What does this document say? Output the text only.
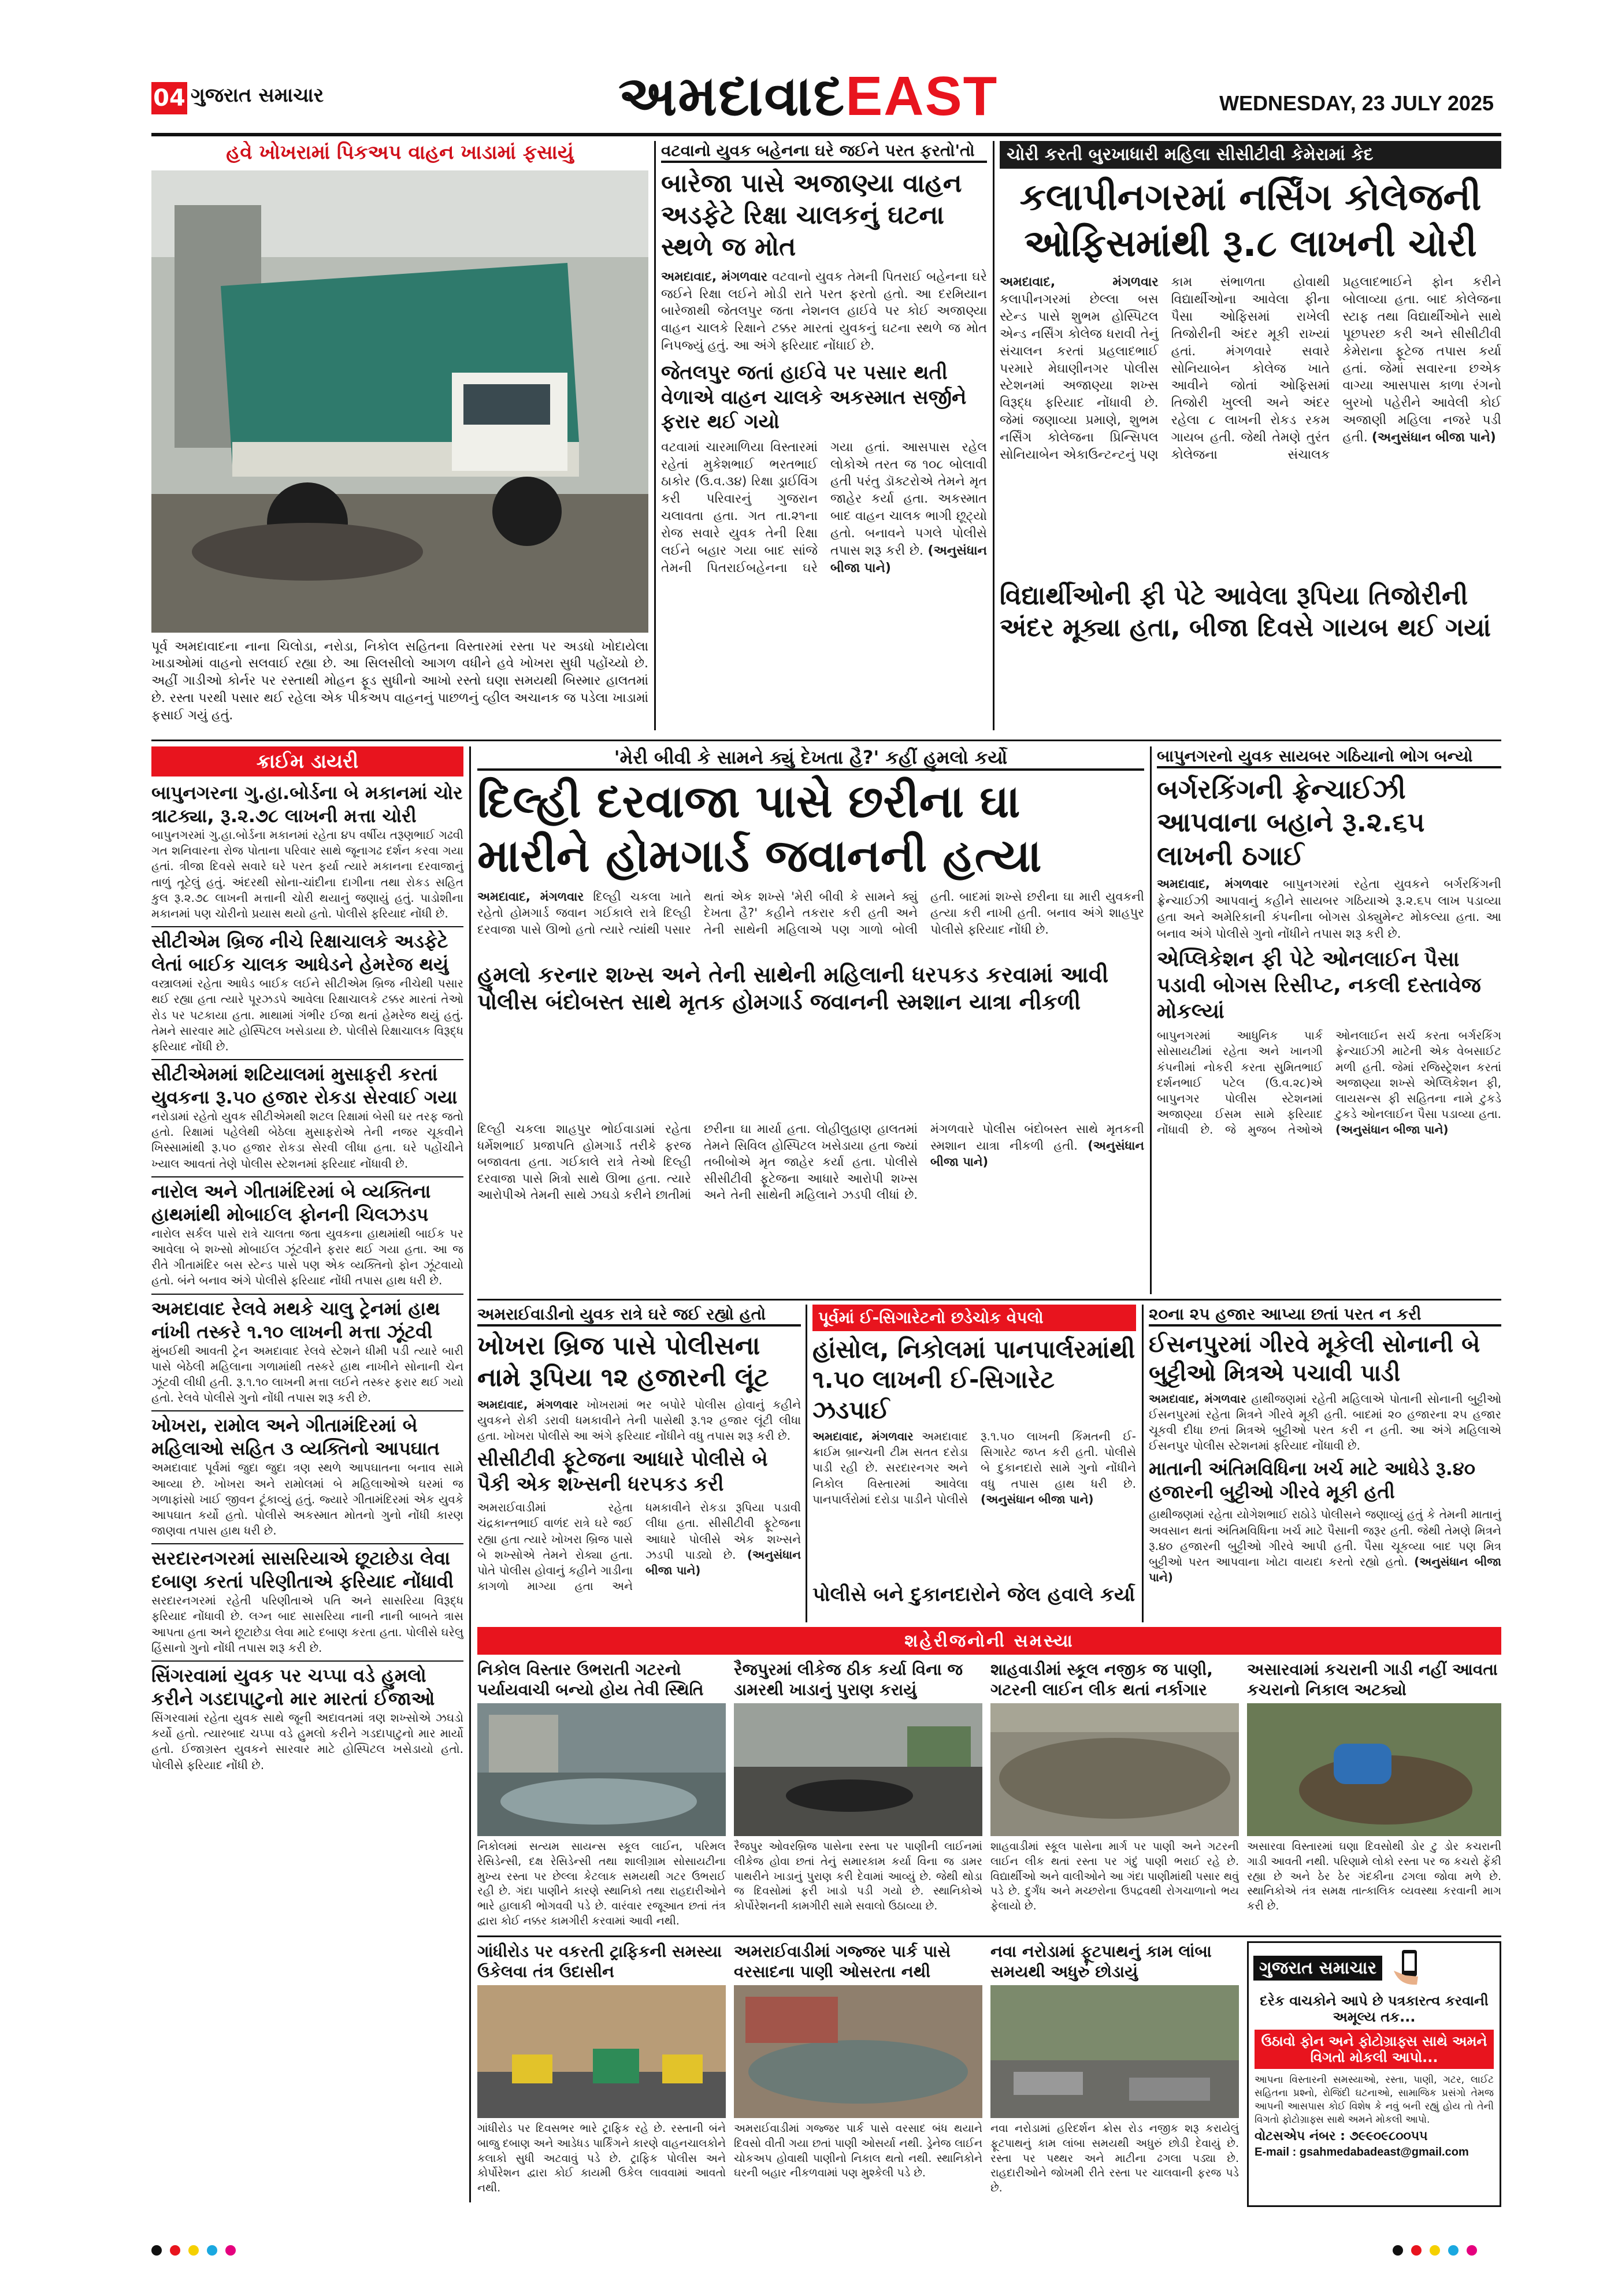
04 ગુજરાત સમાચાર	અમદાવાદEAST	WEDNESDAY, 23 JULY 2025
હવે ખોખરામાં પિકઅપ વાહન ખાડામાં ફસાયું
પૂર્વ અમદાવાદના નાના ચિલોડા, નરોડા, નિકોલ સહિતના વિસ્તારમાં રસ્તા પર અડધો ખોદાયેલા ખાડાઓમાં વાહનો સલવાઈ રહ્યા છે. આ સિલસીલો આગળ વધીને હવે ખોખરા સુધી પહોંચ્યો છે. અહીં ગાડીઓ કોર્નર પર રસ્તાથી મોહન ફૂડ સુધીનો આખો રસ્તો ઘણા સમયથી બિસ્માર હાલતમાં છે. રસ્તા પરથી પસાર થઈ રહેલા એક પીકઅપ વાહનનું પાછળનું વ્હીલ અચાનક જ પડેલા ખાડામાં ફસાઈ ગયું હતું.
વટવાનો યુવક બહેનના ઘરે જઈને પરત ફરતો'તો
બારેજા પાસે અજાણ્યા વાહન અડફેટે રિક્ષા ચાલકનું ઘટના સ્થળે જ મોત
અમદાવાદ, મંગળવાર વટવાનો યુવક તેમની પિતરાઈ બહેનના ઘરે જઈને રિક્ષા લઈને મોડી રાતે પરત ફરતો હતો. આ દરમિયાન બારેજાથી જેતલપુર જતા નેશનલ હાઈવે પર કોઈ અજાણ્યા વાહન ચાલકે રિક્ષાને ટક્કર મારતાં યુવકનું ઘટના સ્થળે જ મોત નિપજ્યું હતું. આ અંગે ફરિયાદ નોંધાઈ છે.
જેતલપુર જતાં હાઈવે પર પસાર થતી વેળાએ વાહન ચાલકે અકસ્માત સર્જીને ફરાર થઈ ગયો
વટવામાં ચારમાળિયા વિસ્તારમાં રહેતાં મુકેશભાઈ ભરતભાઈ ઠાકોર (ઉ.વ.૩૪) રિક્ષા ડ્રાઈવિંગ કરી પરિવારનું ગુજરાન ચલાવતા હતા. ગત તા.૨૧ના રોજ સવારે યુવક તેની રિક્ષા લઈને બહાર ગયા બાદ સાંજે તેમની પિતરાઈબહેનના ઘરે ગયા હતાં. આસપાસ રહેલ લોકોએ તરત જ ૧૦૮ બોલાવી હતી પરંતુ ડૉક્ટરોએ તેમને મૃત જાહેર કર્યા હતા. અકસ્માત બાદ વાહન ચાલક ભાગી છૂટ્યો હતો. બનાવને પગલે પોલીસે તપાસ શરૂ કરી છે. (અનુસંધાન બીજા પાને)
ચોરી કરતી બુરખાધારી મહિલા સીસીટીવી કેમેરામાં કેદ
કલાપીનગરમાં નર્સિંગ કોલેજની ઓફિસમાંથી રૂ.૮ લાખની ચોરી
અમદાવાદ, મંગળવાર કલાપીનગરમાં છેલ્લા બસ સ્ટેન્ડ પાસે શુભમ હોસ્પિટલ એન્ડ નર્સિંગ કોલેજ ધરાવી તેનું સંચાલન કરતાં પ્રહલાદભાઈ પરમારે મેઘાણીનગર પોલીસ સ્ટેશનમાં અજાણ્યા શખ્સ વિરૂદ્ધ ફરિયાદ નોંધાવી છે. જેમાં જણાવ્યા પ્રમાણે, શુભમ નર્સિંગ કોલેજના પ્રિન્સિપલ સોનિયાબેન એકાઉન્ટન્ટનું પણ કામ સંભાળતા હોવાથી વિદ્યાર્થીઓના આવેલા ફીના પૈસા ઓફિસમાં રાખેલી તિજોરીની અંદર મૂકી રાખ્યાં હતાં. મંગળવારે સવારે સોનિયાબેન કોલેજ ખાતે આવીને જોતાં ઓફિસમાં તિજોરી ખુલ્લી અને અંદર રહેલા ૮ લાખની રોકડ રકમ ગાયબ હતી. જેથી તેમણે તુરંત કોલેજના સંચાલક પ્રહલાદભાઈને ફોન કરીને બોલાવ્યા હતા. બાદ કોલેજના સ્ટાફ તથા વિદ્યાર્થીઓને સાથે પૂછપરછ કરી અને સીસીટીવી કેમેરાના ફૂટેજ તપાસ કર્યા હતાં. જેમાં સવારના છએક વાગ્યા આસપાસ કાળા રંગનો બુરખો પહેરીને આવેલી કોઈ અજાણી મહિલા નજરે પડી હતી. (અનુસંધાન બીજા પાને)
વિદ્યાર્થીઓની ફી પેટે આવેલા રૂપિયા તિજોરીની અંદર મૂક્યા હતા, બીજા દિવસે ગાયબ થઈ ગયાં
ક્રાઈમ ડાયરી
બાપુનગરના ગુ.હા.બોર્ડના બે મકાનમાં ચોર ત્રાટક્યા, રૂ.૨.૭૮ લાખની મત્તા ચોરી
બાપુનગરમાં ગુ.હા.બોર્ડના મકાનમાં રહેતા ૪૫ વર્ષીય તરૂણભાઈ ગઢવી ગત શનિવારના રોજ પોતાના પરિવાર સાથે જૂનાગઢ દર્શન કરવા ગયા હતાં. ત્રીજા દિવસે સવારે ઘરે પરત ફર્યા ત્યારે મકાનના દરવાજાનું તાળું તૂટેલું હતું. અંદરથી સોના-ચાંદીના દાગીના તથા રોકડ સહિત કુલ રૂ.૨.૭૮ લાખની મત્તાની ચોરી થયાનું જણાયું હતું. પાડોશીના મકાનમાં પણ ચોરીનો પ્રયાસ થયો હતો. પોલીસે ફરિયાદ નોંધી છે.
સીટીએમ બ્રિજ નીચે રિક્ષાચાલકે અડફેટે લેતાં બાઈક ચાલક આધેડને હેમરેજ થયું
વસ્ત્રાલમાં રહેતા આધેડ બાઈક લઈને સીટીએમ બ્રિજ નીચેથી પસાર થઈ રહ્યા હતા ત્યારે પૂરઝડપે આવેલા રિક્ષાચાલકે ટક્કર મારતાં તેઓ રોડ પર પટકાયા હતા. માથામાં ગંભીર ઈજા થતાં હેમરેજ થયું હતું. તેમને સારવાર માટે હોસ્પિટલ ખસેડાયા છે. પોલીસે રિક્ષાચાલક વિરૂદ્ધ ફરિયાદ નોંધી છે.
સીટીએમમાં શટિયાલમાં મુસાફરી કરતાં યુવકના રૂ.૫૦ હજાર રોકડા સેરવાઈ ગયા
નરોડામાં રહેતો યુવક સીટીએમથી શટલ રિક્ષામાં બેસી ઘર તરફ જતો હતો. રિક્ષામાં પહેલેથી બેઠેલા મુસાફરોએ તેની નજર ચૂકવીને ખિસ્સામાંથી રૂ.૫૦ હજાર રોકડા સેરવી લીધા હતા. ઘરે પહોંચીને ખ્યાલ આવતાં તેણે પોલીસ સ્ટેશનમાં ફરિયાદ નોંધાવી છે.
નારોલ અને ગીતામંદિરમાં બે વ્યક્તિના હાથમાંથી મોબાઈલ ફોનની ચિલઝડપ
નારોલ સર્કલ પાસે રાત્રે ચાલતા જતા યુવકના હાથમાંથી બાઈક પર આવેલા બે શખ્સો મોબાઈલ ઝૂંટવીને ફરાર થઈ ગયા હતા. આ જ રીતે ગીતામંદિર બસ સ્ટેન્ડ પાસે પણ એક વ્યક્તિનો ફોન ઝૂંટવાયો હતો. બંને બનાવ અંગે પોલીસે ફરિયાદ નોંધી તપાસ હાથ ધરી છે.
અમદાવાદ રેલવે મથકે ચાલુ ટ્રેનમાં હાથ નાંખી તસ્કરે ૧.૧૦ લાખની મત્તા ઝૂંટવી
મુંબઈથી આવતી ટ્રેન અમદાવાદ રેલવે સ્ટેશને ધીમી પડી ત્યારે બારી પાસે બેઠેલી મહિલાના ગળામાંથી તસ્કરે હાથ નાખીને સોનાની ચેન ઝૂંટવી લીધી હતી. રૂ.૧.૧૦ લાખની મત્તા લઈને તસ્કર ફરાર થઈ ગયો હતો. રેલવે પોલીસે ગુનો નોંધી તપાસ શરૂ કરી છે.
ખોખરા, રામોલ અને ગીતામંદિરમાં બે મહિલાઓ સહિત ૩ વ્યક્તિનો આપઘાત
અમદાવાદ પૂર્વમાં જુદા જુદા ત્રણ સ્થળે આપઘાતના બનાવ સામે આવ્યા છે. ખોખરા અને રામોલમાં બે મહિલાઓએ ઘરમાં જ ગળાફાંસો ખાઈ જીવન ટૂંકાવ્યું હતું. જ્યારે ગીતામંદિરમાં એક યુવકે આપઘાત કર્યો હતો. પોલીસે અકસ્માત મોતનો ગુનો નોંધી કારણ જાણવા તપાસ હાથ ધરી છે.
સરદારનગરમાં સાસરિયાએ છૂટાછેડા લેવા દબાણ કરતાં પરિણીતાએ ફરિયાદ નોંધાવી
સરદારનગરમાં રહેતી પરિણીતાએ પતિ અને સાસરિયા વિરૂદ્ધ ફરિયાદ નોંધાવી છે. લગ્ન બાદ સાસરિયા નાની નાની બાબતે ત્રાસ આપતા હતા અને છૂટાછેડા લેવા માટે દબાણ કરતા હતા. પોલીસે ઘરેલુ હિંસાનો ગુનો નોંધી તપાસ શરૂ કરી છે.
સિંગરવામાં યુવક પર ચપ્પા વડે હુમલો કરીને ગડદાપાટુનો માર મારતાં ઈજાઓ
સિંગરવામાં રહેતા યુવક સાથે જૂની અદાવતમાં ત્રણ શખ્સોએ ઝઘડો કર્યો હતો. ત્યારબાદ ચપ્પા વડે હુમલો કરીને ગડદાપાટુનો માર માર્યો હતો. ઈજાગ્રસ્ત યુવકને સારવાર માટે હોસ્પિટલ ખસેડાયો હતો. પોલીસે ફરિયાદ નોંધી છે.
'મેરી બીવી કે સામને ક્યું દેખતા હૈ?' કહીં હુમલો કર્યો
દિલ્હી દરવાજા પાસે છરીના ઘા મારીને હોમગાર્ડ જવાનની હત્યા
અમદાવાદ, મંગળવાર દિલ્હી ચકલા ખાતે રહેતો હોમગાર્ડ જવાન ગઈકાલે રાત્રે દિલ્હી દરવાજા પાસે ઊભો હતો ત્યારે ત્યાંથી પસાર થતાં એક શખ્સે 'મેરી બીવી કે સામને ક્યું દેખતા હૈ?' કહીને તકરાર કરી હતી અને તેની સાથેની મહિલાએ પણ ગાળો બોલી હતી. બાદમાં શખ્સે છરીના ઘા મારી યુવકની હત્યા કરી નાખી હતી. બનાવ અંગે શાહપુર પોલીસે ફરિયાદ નોંધી છે.
હુમલો કરનાર શખ્સ અને તેની સાથેની મહિલાની ધરપકડ કરવામાં આવી પોલીસ બંદોબસ્ત સાથે મૃતક હોમગાર્ડ જવાનની સ્મશાન યાત્રા નીકળી
દિલ્હી ચકલા શાહપુર ભોઈવાડામાં રહેતા ધર્મેશભાઈ પ્રજાપતિ હોમગાર્ડ તરીકે ફરજ બજાવતા હતા. ગઈકાલે રાત્રે તેઓ દિલ્હી દરવાજા પાસે મિત્રો સાથે ઊભા હતા. ત્યારે આરોપીએ તેમની સાથે ઝઘડો કરીને છાતીમાં છરીના ઘા માર્યા હતા. લોહીલુહાણ હાલતમાં તેમને સિવિલ હોસ્પિટલ ખસેડાયા હતા જ્યાં તબીબોએ મૃત જાહેર કર્યા હતા. પોલીસે સીસીટીવી ફૂટેજના આધારે આરોપી શખ્સ અને તેની સાથેની મહિલાને ઝડપી લીધાં છે. મંગળવારે પોલીસ બંદોબસ્ત સાથે મૃતકની સ્મશાન યાત્રા નીકળી હતી. (અનુસંધાન બીજા પાને)
બાપુનગરનો યુવક સાયબર ગઠિયાનો ભોગ બન્યો
બર્ગરકિંગની ફ્રેન્ચાઈઝી આપવાના બહાને રૂ.૨.૬૫ લાખની ઠગાઈ
અમદાવાદ, મંગળવાર બાપુનગરમાં રહેતા યુવકને બર્ગરકિંગની ફ્રેન્ચાઈઝી આપવાનું કહીને સાયબર ગઠિયાએ રૂ.૨.૬૫ લાખ પડાવ્યા હતા અને અમેરિકાની કંપનીના બોગસ ડોક્યુમેન્ટ મોકલ્યા હતા. આ બનાવ અંગે પોલીસે ગુનો નોંધીને તપાસ શરૂ કરી છે.
એપ્લિકેશન ફી પેટે ઓનલાઈન પૈસા પડાવી બોગસ રિસીપ્ટ, નકલી દસ્તાવેજ મોકલ્યાં
બાપુનગરમાં આધુનિક પાર્ક સોસાયટીમાં રહેતા અને ખાનગી કંપનીમાં નોકરી કરતા સુમિતભાઈ દર્શનભાઈ પટેલ (ઉ.વ.૨૮)એ બાપુનગર પોલીસ સ્ટેશનમાં અજાણ્યા ઈસમ સામે ફરિયાદ નોંધાવી છે. જે મુજબ તેઓએ ઓનલાઈન સર્ચ કરતા બર્ગરકિંગ ફ્રેન્ચાઈઝી માટેની એક વેબસાઈટ મળી હતી. જેમાં રજિસ્ટ્રેશન કરતાં અજાણ્યા શખ્સે એપ્લિકેશન ફી, લાયસન્સ ફી સહિતના નામે ટુકડે ટુકડે ઓનલાઈન પૈસા પડાવ્યા હતા. (અનુસંધાન બીજા પાને)
અમરાઈવાડીનો યુવક રાત્રે ઘરે જઈ રહ્યો હતો
ખોખરા બ્રિજ પાસે પોલીસના નામે રૂપિયા ૧૨ હજારની લૂંટ
અમદાવાદ, મંગળવાર ખોખરામાં ભર બપોરે પોલીસ હોવાનું કહીને યુવકને રોકી ડરાવી ધમકાવીને તેની પાસેથી રૂ.૧૨ હજાર લૂંટી લીધા હતા. ખોખરા પોલીસે આ અંગે ફરિયાદ નોંધીને વધુ તપાસ શરૂ કરી છે.
સીસીટીવી ફૂટેજના આધારે પોલીસે બે પૈકી એક શખ્સની ધરપકડ કરી
અમરાઈવાડીમાં રહેતા ચંદ્રકાન્તભાઈ વાળંદ રાત્રે ઘરે જઈ રહ્યા હતા ત્યારે ખોખરા બ્રિજ પાસે બે શખ્સોએ તેમને રોક્યા હતા. પોતે પોલીસ હોવાનું કહીને ગાડીના કાગળો માગ્યા હતા અને ધમકાવીને રોકડા રૂપિયા પડાવી લીધા હતા. સીસીટીવી ફૂટેજના આધારે પોલીસે એક શખ્સને ઝડપી પાડ્યો છે. (અનુસંધાન બીજા પાને)
પૂર્વમાં ઈ-સિગારેટનો છડેચોક વેપલો
હાંસોલ, નિકોલમાં પાનપાર્લરમાંથી ૧.૫૦ લાખની ઈ-સિગારેટ ઝડપાઈ
અમદાવાદ, મંગળવાર અમદાવાદ ક્રાઈમ બ્રાન્ચની ટીમ સતત દરોડા પાડી રહી છે. સરદારનગર અને નિકોલ વિસ્તારમાં આવેલા પાનપાર્લરોમાં દરોડા પાડીને પોલીસે રૂ.૧.૫૦ લાખની કિંમતની ઈ-સિગારેટ જપ્ત કરી હતી. પોલીસે બે દુકાનદારો સામે ગુનો નોંધીને વધુ તપાસ હાથ ધરી છે. (અનુસંધાન બીજા પાને)
પોલીસે બને દુકાનદારોને જેલ હવાલે કર્યા
૨૦ના ૨૫ હજાર આપ્યા છતાં પરત ન કરી
ઈસનપુરમાં ગીરવે મૂકેલી સોનાની બે બુટ્ટીઓ મિત્રએ પચાવી પાડી
અમદાવાદ, મંગળવાર હાથીજણમાં રહેતી મહિલાએ પોતાની સોનાની બુટ્ટીઓ ઈસનપુરમાં રહેતા મિત્રને ગીરવે મૂકી હતી. બાદમાં ૨૦ હજારના ૨૫ હજાર ચૂકવી દીધા છતાં મિત્રએ બુટ્ટીઓ પરત કરી ન હતી. આ અંગે મહિલાએ ઈસનપુર પોલીસ સ્ટેશનમાં ફરિયાદ નોંધાવી છે.
માતાની અંતિમવિધિના ખર્ચ માટે આધેડે રૂ.૪૦ હજારની બુટ્ટીઓ ગીરવે મૂકી હતી
હાથીજણમાં રહેતા યોગેશભાઈ રાઠોડે પોલીસને જણાવ્યું હતું કે તેમની માતાનું અવસાન થતાં અંતિમવિધિના ખર્ચ માટે પૈસાની જરૂર હતી. જેથી તેમણે મિત્રને રૂ.૪૦ હજારની બુટ્ટીઓ ગીરવે આપી હતી. પૈસા ચૂકવ્યા બાદ પણ મિત્ર બુટ્ટીઓ પરત આપવાના ખોટા વાયદા કરતો રહ્યો હતો. (અનુસંધાન બીજા પાને)
શહેરીજનોની સમસ્યા
નિકોલ વિસ્તાર ઉભરાતી ગટરનો પર્યાયવાચી બન્યો હોય તેવી સ્થિતિ
નિકોલમાં સત્યમ સાયન્સ સ્કૂલ લાઈન, પરિમલ રેસિડેન્સી, દક્ષ રેસિડેન્સી તથા શાલીગ્રામ સોસાયટીના મુખ્ય રસ્તા પર છેલ્લા કેટલાક સમયથી ગટર ઉભરાઈ રહી છે. ગંદા પાણીને કારણે સ્થાનિકો તથા રાહદારીઓને ભારે હાલાકી ભોગવવી પડે છે. વારંવાર રજૂઆત છતાં તંત્ર દ્વારા કોઈ નક્કર કામગીરી કરવામાં આવી નથી.
રૈજપુરમાં લીકેજ ઠીક કર્યા વિના જ ડામરથી ખાડાનું પુરાણ કરાયું
રૈજપુર ઓવરબ્રિજ પાસેના રસ્તા પર પાણીની લાઈનમાં લીકેજ હોવા છતાં તેનું સમારકામ કર્યા વિના જ ડામર પાથરીને ખાડાનું પુરાણ કરી દેવામાં આવ્યું છે. જેથી થોડા જ દિવસોમાં ફરી ખાડો પડી ગયો છે. સ્થાનિકોએ કોર્પોરેશનની કામગીરી સામે સવાલો ઉઠાવ્યા છે.
શાહવાડીમાં સ્કૂલ નજીક જ પાણી, ગટરની લાઈન લીક થતાં નર્કાગાર
શાહવાડીમાં સ્કૂલ પાસેના માર્ગ પર પાણી અને ગટરની લાઈન લીક થતાં રસ્તા પર ગંદું પાણી ભરાઈ રહે છે. વિદ્યાર્થીઓ અને વાલીઓને આ ગંદા પાણીમાંથી પસાર થવું પડે છે. દુર્ગંધ અને મચ્છરોના ઉપદ્રવથી રોગચાળાનો ભય ફેલાયો છે.
અસારવામાં કચરાની ગાડી નહીં આવતા કચરાનો નિકાલ અટક્યો
અસારવા વિસ્તારમાં ઘણા દિવસોથી ડોર ટુ ડોર કચરાની ગાડી આવતી નથી. પરિણામે લોકો રસ્તા પર જ કચરો ફેંકી રહ્યા છે અને ઠેર ઠેર ગંદકીના ઢગલા જોવા મળે છે. સ્થાનિકોએ તંત્ર સમક્ષ તાત્કાલિક વ્યવસ્થા કરવાની માગ કરી છે.
ગાંધીરોડ પર વકરતી ટ્રાફિકની સમસ્યા ઉકેલવા તંત્ર ઉદાસીન
ગાંધીરોડ પર દિવસભર ભારે ટ્રાફિક રહે છે. રસ્તાની બંને બાજુ દબાણ અને આડેધડ પાર્કિંગને કારણે વાહનચાલકોને કલાકો સુધી અટવાવું પડે છે. ટ્રાફિક પોલીસ અને કોર્પોરેશન દ્વારા કોઈ કાયમી ઉકેલ લાવવામાં આવતો નથી.
અમરાઈવાડીમાં ગજ્જર પાર્ક પાસે વરસાદના પાણી ઓસરતા નથી
અમરાઈવાડીમાં ગજ્જર પાર્ક પાસે વરસાદ બંધ થયાને દિવસો વીતી ગયા છતાં પાણી ઓસર્યા નથી. ડ્રેનેજ લાઈન ચોકઅપ હોવાથી પાણીનો નિકાલ થતો નથી. સ્થાનિકોને ઘરની બહાર નીકળવામાં પણ મુશ્કેલી પડે છે.
નવા નરોડામાં ફૂટપાથનું કામ લાંબા સમયથી અધુરું છોડાયું
નવા નરોડામાં હરિદર્શન ક્રોસ રોડ નજીક શરૂ કરાયેલું ફૂટપાથનું કામ લાંબા સમયથી અધુરું છોડી દેવાયું છે. રસ્તા પર પથ્થર અને માટીના ઢગલા પડ્યા છે. રાહદારીઓને જોખમી રીતે રસ્તા પર ચાલવાની ફરજ પડે છે.
ગુજરાત સમાચાર
દરેક વાચકોને આપે છે પત્રકારત્વ કરવાની અમૂલ્ય તક...
ઉઠાવો ફોન અને ફોટોગ્રાફ્સ સાથે અમને વિગતો મોકલી આપો...
આપના વિસ્તારની સમસ્યાઓ, રસ્તા, પાણી, ગટર, લાઈટ સહિતના પ્રશ્નો, રોજિંદી ઘટનાઓ, સામાજિક પ્રસંગો તેમજ આપની આસપાસ કોઈ વિશેષ કે નવું બની રહ્યું હોય તો તેની વિગતો ફોટોગ્રાફ્સ સાથે અમને મોકલી આપો.
વોટસએપ નંબર : ૭૯૯૦૯૮૦૦૫૫
E-mail : gsahmedabadeast@gmail.com
